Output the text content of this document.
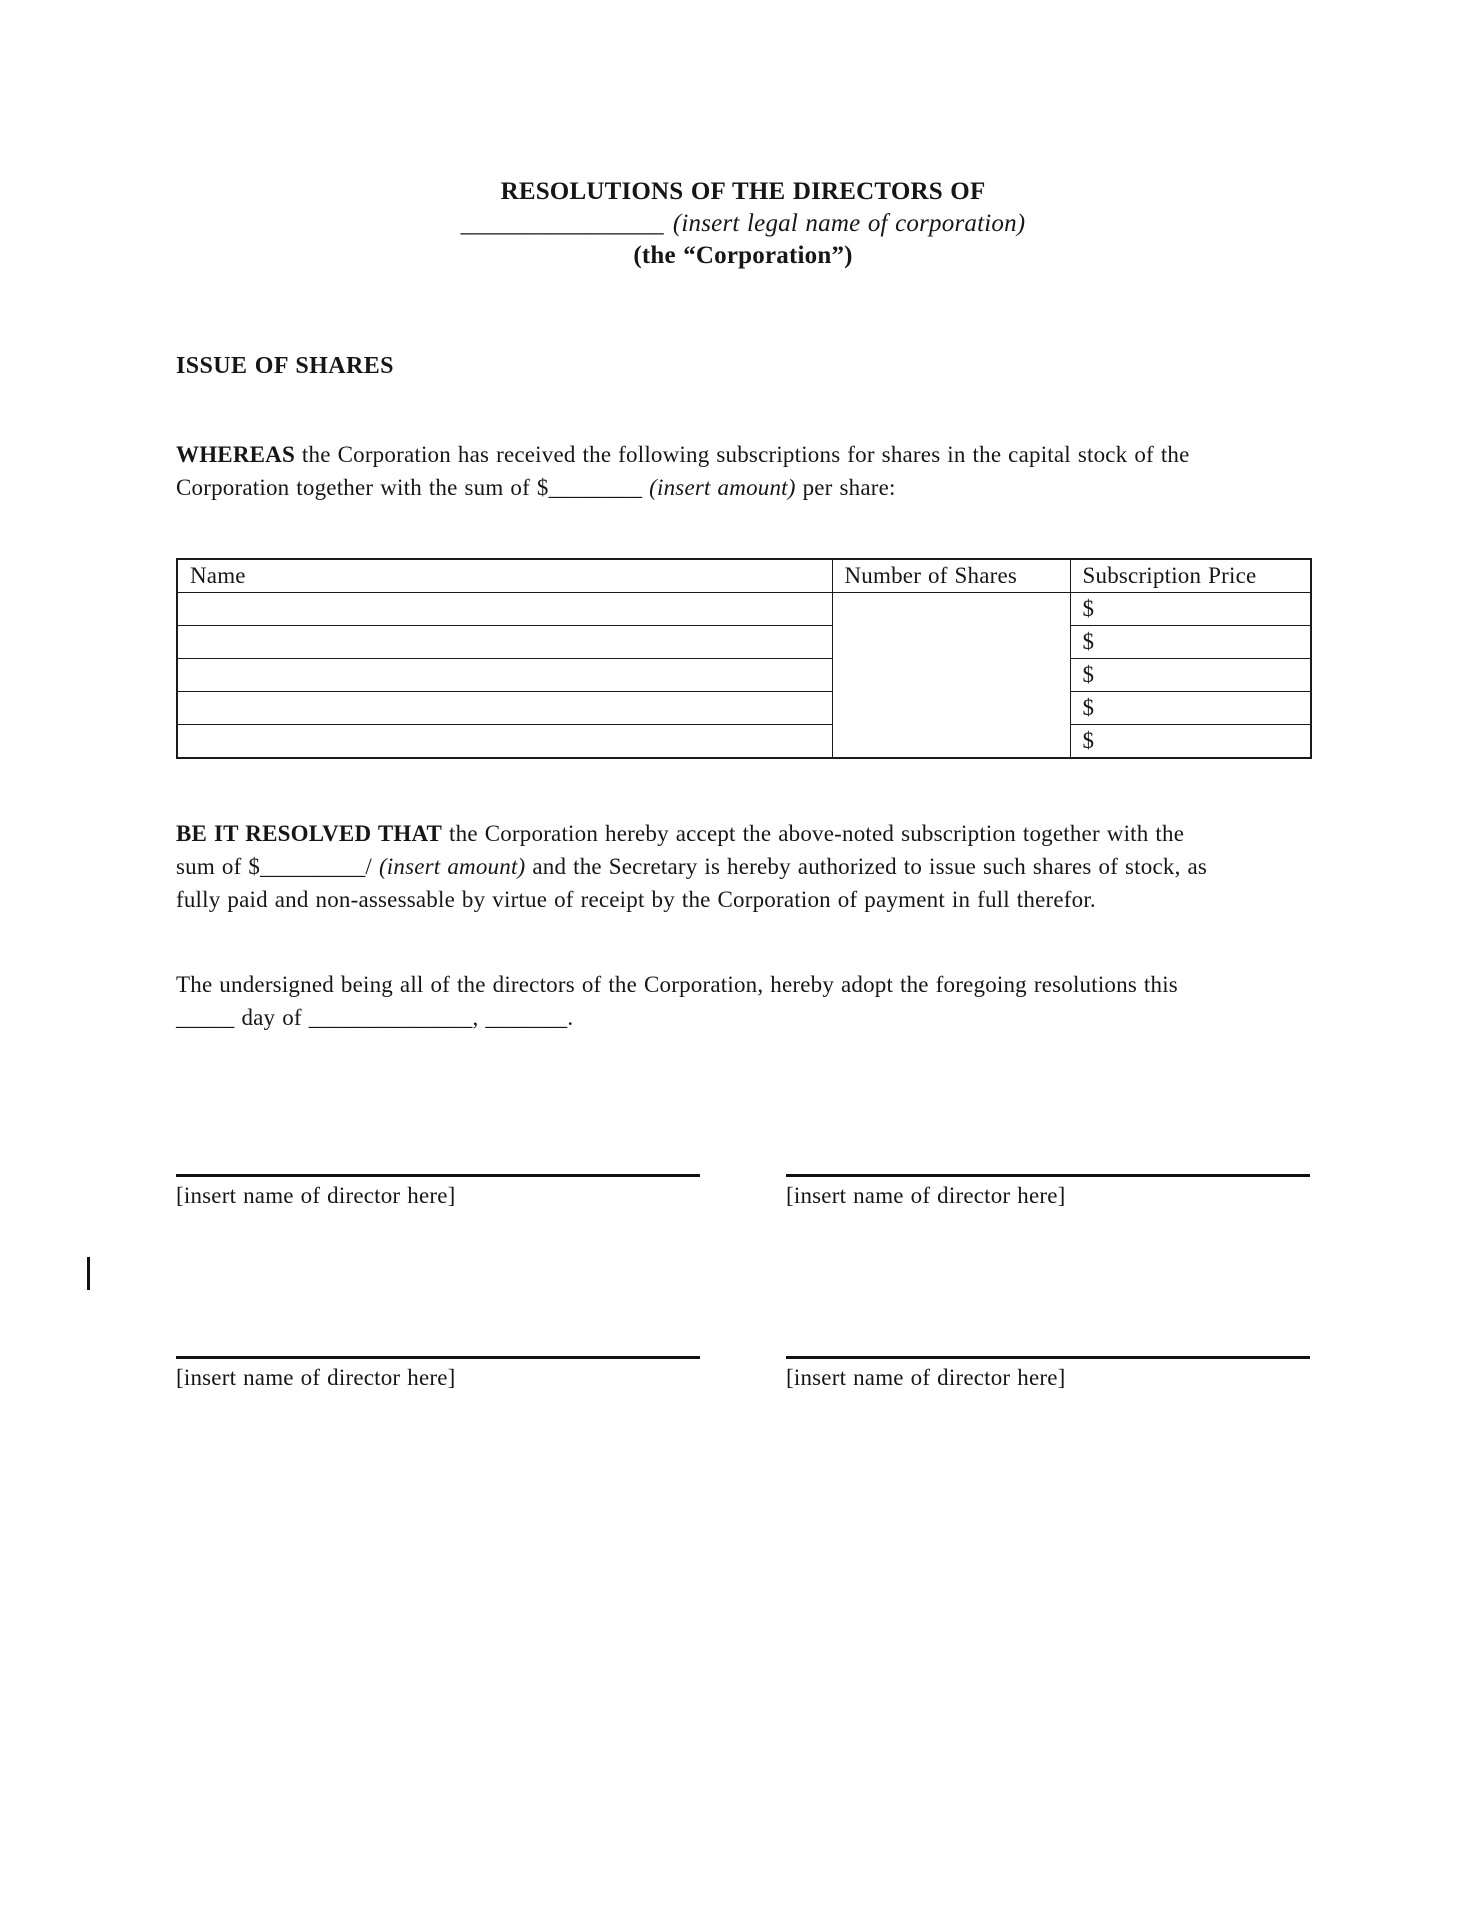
RESOLUTIONS OF THE DIRECTORS OF
________________ (insert legal name of corporation)
(the “Corporation”)
ISSUE OF SHARES

WHEREAS the Corporation has received the following subscriptions for shares in the capital stock of the
Corporation together with the sum of $________ (insert amount) per share:

Name	Number of Shares	Subscription Price
		$
		$
		$
		$
		$

BE IT RESOLVED THAT the Corporation hereby accept the above-noted subscription together with the
sum of $_________/ (insert amount) and the Secretary is hereby authorized to issue such shares of stock, as
fully paid and non-assessable by virtue of receipt by the Corporation of payment in full therefor.

The undersigned being all of the directors of the Corporation, hereby adopt the foregoing resolutions this
_____ day of ______________, _______.

[insert name of director here]	[insert name of director here]
[insert name of director here]	[insert name of director here]
